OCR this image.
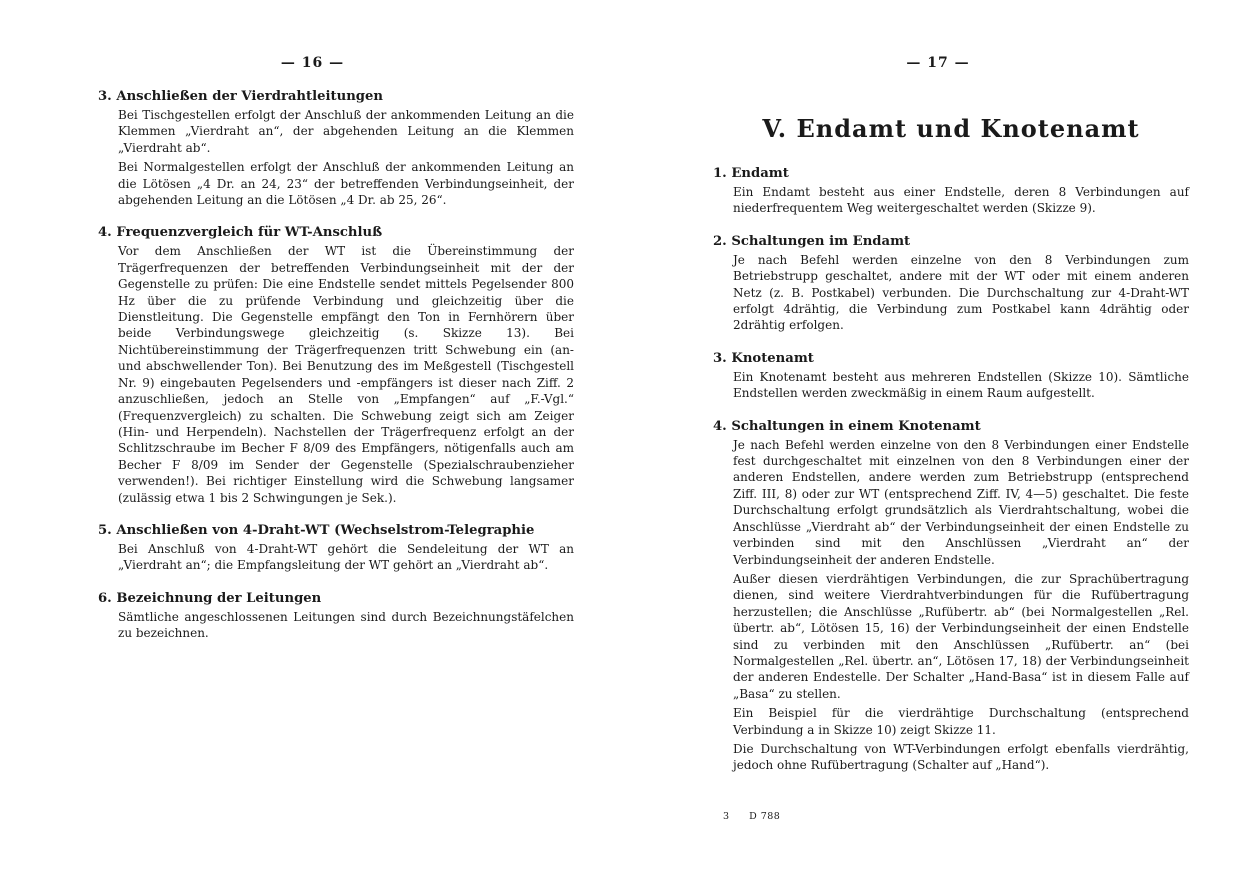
— 16 —
3. Anschließen der Vierdrahtleitungen

Bei Tischgestellen erfolgt der Anschluß der ankommenden Leitung an die Klemmen „Vierdraht an“, der abgehenden Leitung an die Klemmen „Vierdraht ab“.

Bei Normalgestellen erfolgt der Anschluß der ankommenden Leitung an die Lötösen „4 Dr. an 24, 23“ der betreffenden Verbindungseinheit, der abgehenden Leitung an die Lötösen „4 Dr. ab 25, 26“.

4. Frequenzvergleich für WT-Anschluß

Vor dem Anschließen der WT ist die Übereinstimmung der Trägerfrequenzen der betreffenden Verbindungseinheit mit der der Gegenstelle zu prüfen: Die eine Endstelle sendet mittels Pegelsender 800 Hz über die zu prüfende Verbindung und gleichzeitig über die Dienstleitung. Die Gegenstelle empfängt den Ton in Fernhörern über beide Verbindungswege gleichzeitig (s. Skizze 13). Bei Nichtübereinstimmung der Trägerfrequenzen tritt Schwebung ein (an- und abschwellender Ton). Bei Benutzung des im Meßgestell (Tischgestell Nr. 9) eingebauten Pegelsenders und -empfängers ist dieser nach Ziff. 2 anzuschließen, jedoch an Stelle von „Empfangen“ auf „F.-Vgl.“ (Frequenzvergleich) zu schalten. Die Schwebung zeigt sich am Zeiger (Hin- und Herpendeln). Nachstellen der Trägerfrequenz erfolgt an der Schlitzschraube im Becher F 8/09 des Empfängers, nötigenfalls auch am Becher F 8/09 im Sender der Gegenstelle (Spezialschraubenzieher verwenden!). Bei richtiger Einstellung wird die Schwebung langsamer (zulässig etwa 1 bis 2 Schwingungen je Sek.).

5. Anschließen von 4-Draht-WT (Wechselstrom-Telegraphie

Bei Anschluß von 4-Draht-WT gehört die Sendeleitung der WT an „Vierdraht an“; die Empfangsleitung der WT gehört an „Vierdraht ab“.

6. Bezeichnung der Leitungen

Sämtliche angeschlossenen Leitungen sind durch Bezeichnungstäfelchen zu bezeichnen.

— 17 —
V. Endamt und Knotenamt
1. Endamt

Ein Endamt besteht aus einer Endstelle, deren 8 Verbindungen auf niederfrequentem Weg weitergeschaltet werden (Skizze 9).

2. Schaltungen im Endamt

Je nach Befehl werden einzelne von den 8 Verbindungen zum Betriebstrupp geschaltet, andere mit der WT oder mit einem anderen Netz (z. B. Postkabel) verbunden. Die Durchschaltung zur 4-Draht-WT erfolgt 4drähtig, die Verbindung zum Postkabel kann 4drähtig oder 2drähtig erfolgen.

3. Knotenamt

Ein Knotenamt besteht aus mehreren Endstellen (Skizze 10). Sämtliche Endstellen werden zweckmäßig in einem Raum aufgestellt.

4. Schaltungen in einem Knotenamt

Je nach Befehl werden einzelne von den 8 Verbindungen einer Endstelle fest durchgeschaltet mit einzelnen von den 8 Verbindungen einer der anderen Endstellen, andere werden zum Betriebstrupp (entsprechend Ziff. III, 8) oder zur WT (entsprechend Ziff. IV, 4—5) geschaltet. Die feste Durchschaltung erfolgt grundsätzlich als Vierdrahtschaltung, wobei die Anschlüsse „Vierdraht ab“ der Verbindungseinheit der einen Endstelle zu verbinden sind mit den Anschlüssen „Vierdraht an“ der Verbindungseinheit der anderen Endstelle.

Außer diesen vierdrähtigen Verbindungen, die zur Sprachübertragung dienen, sind weitere Vierdrahtverbindungen für die Rufübertragung herzustellen; die Anschlüsse „Rufübertr. ab“ (bei Normalgestellen „Rel. übertr. ab“, Lötösen 15, 16) der Verbindungseinheit der einen Endstelle sind zu verbinden mit den Anschlüssen „Rufübertr. an“ (bei Normalgestellen „Rel. übertr. an“, Lötösen 17, 18) der Verbindungseinheit der anderen Endestelle. Der Schalter „Hand-Basa“ ist in diesem Falle auf „Basa“ zu stellen.

Ein Beispiel für die vierdrähtige Durchschaltung (entsprechend Verbindung a in Skizze 10) zeigt Skizze 11.

Die Durchschaltung von WT-Verbindungen erfolgt ebenfalls vierdrähtig, jedoch ohne Rufübertragung (Schalter auf „Hand“).

3 D 788
